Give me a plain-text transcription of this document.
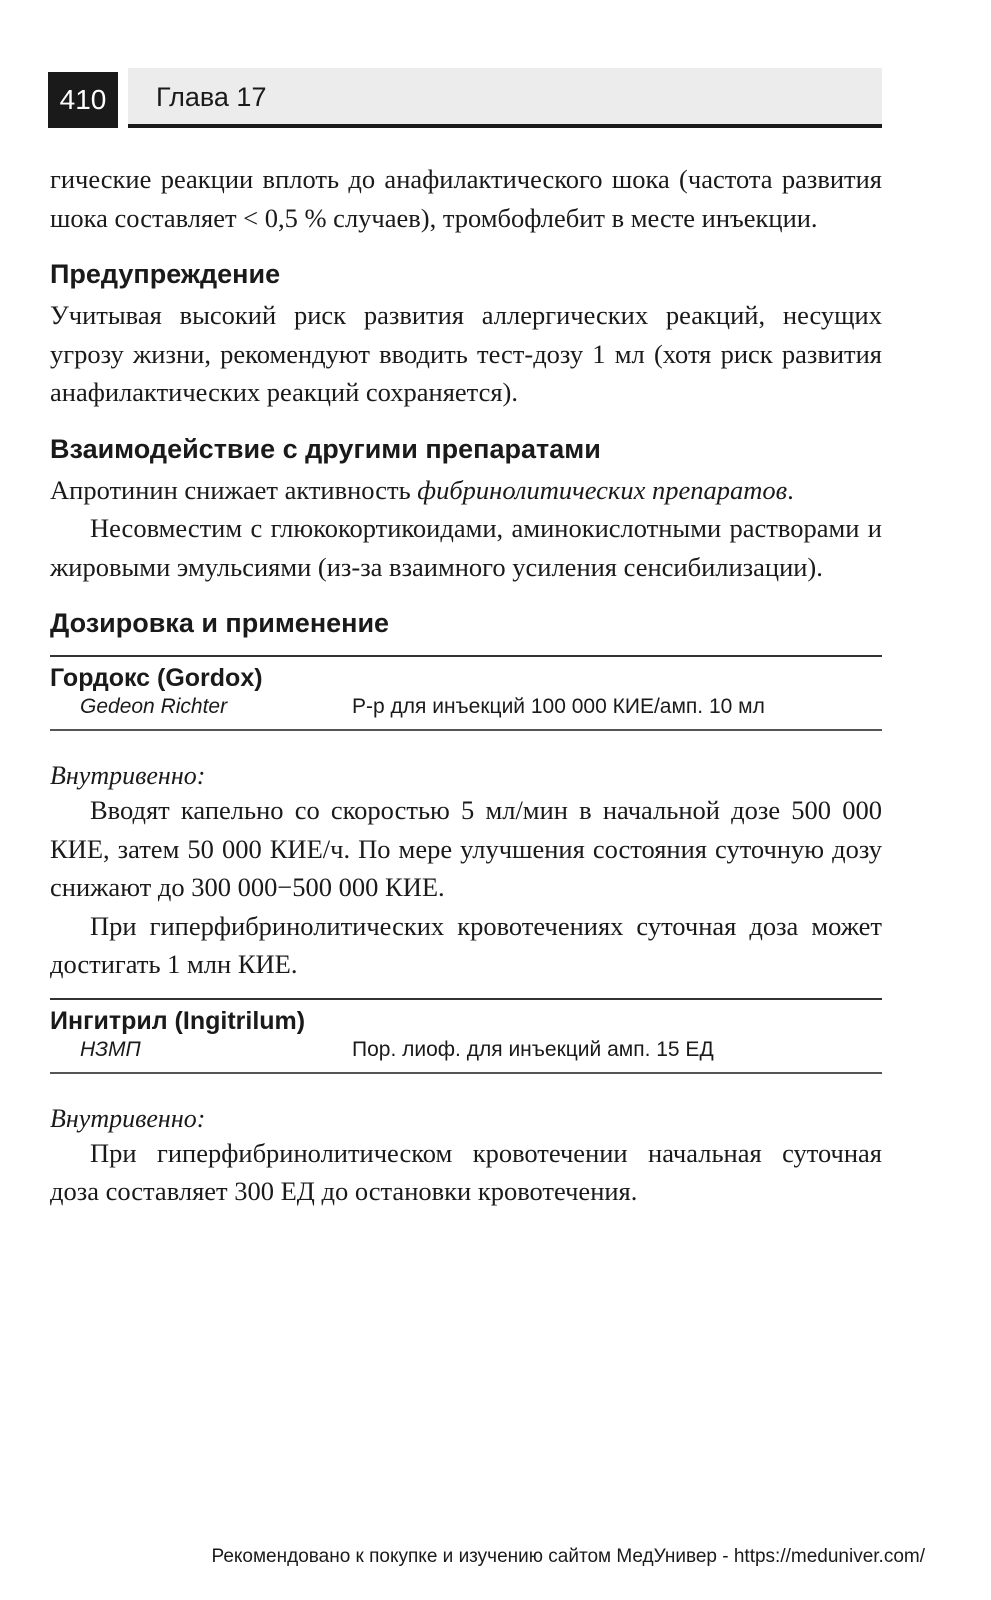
410	Глава 17

гические реакции вплоть до анафилактического шока (частота развития шока составляет < 0,5 % случаев), тромбофлебит в месте инъекции.

Предупреждение

Учитывая высокий риск развития аллергических реакций, несущих угрозу жизни, рекомендуют вводить тест-дозу 1 мл (хотя риск развития анафилактических реакций сохраняется).

Взаимодействие с другими препаратами

Апротинин снижает активность фибринолитических препаратов.

Несовместим с глюкокортикоидами, аминокислотными растворами и жировыми эмульсиями (из-за взаимного усиления сенсибилизации).

Дозировка и применение
Гордокс (Gordox)
Gedeon Richter	Р-р для инъекций 100 000 КИЕ/амп. 10 мл

Внутривенно:

Вводят капельно со скоростью 5 мл/мин в начальной дозе 500 000 КИЕ, затем 50 000 КИЕ/ч. По мере улучшения состояния суточную дозу снижают до 300 000−500 000 КИЕ.

При гиперфибринолитических кровотечениях суточная доза может достигать 1 млн КИЕ.

Ингитрил (Ingitrilum)
НЗМП	Пор. лиоф. для инъекций амп. 15 ЕД

Внутривенно:

При гиперфибринолитическом кровотечении начальная суточная доза составляет 300 ЕД до остановки кровотечения.

Рекомендовано к покупке и изучению сайтом МедУнивер - https://meduniver.com/
